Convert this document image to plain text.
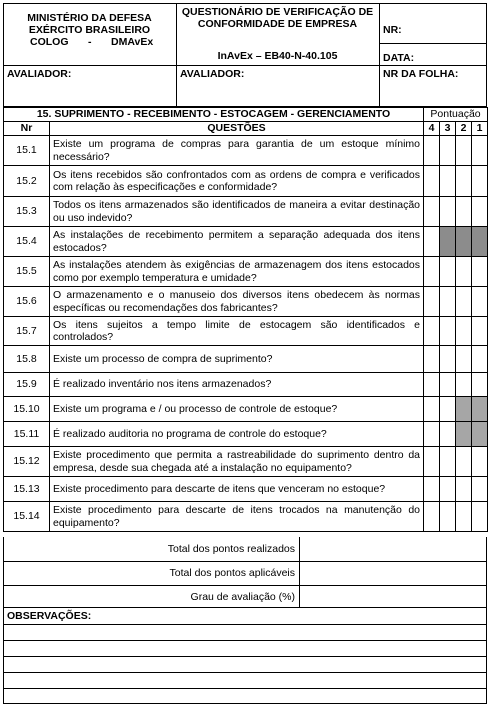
MINISTÉRIO DA DEFESA
EXÉRCITO BRASILEIRO
COLOG - DMAvEx
QUESTIONÁRIO DE VERIFICAÇÃO DE
CONFORMIDADE DE EMPRESA
InAvEx – EB40-N-40.105
NR:
DATA:
AVALIADOR:	AVALIADOR:	NR DA FOLHA:
15. SUPRIMENTO - RECEBIMENTO - ESTOCAGEM - GERENCIAMENTO		Pontuação			
Nr	QUESTÕES	4	3	2	1
15.1	Existe um programa de compras para garantia de um estoque mínimo necessário?				
15.2	Os itens recebidos são confrontados com as ordens de compra e verificados com relação às especificações e conformidade?				
15.3	Todos os itens armazenados são identificados de maneira a evitar destinação ou uso indevido?				
15.4	As instalações de recebimento permitem a separação adequada dos itens estocados?				
15.5	As instalações atendem às exigências de armazenagem dos itens estocados como por exemplo temperatura e umidade?				
15.6	O armazenamento e o manuseio dos diversos itens obedecem às normas específicas ou recomendações dos fabricantes?				
15.7	Os itens sujeitos a tempo limite de estocagem são identificados e controlados?				
15.8	Existe um processo de compra de suprimento?				
15.9	É realizado inventário nos itens armazenados?				
15.10	Existe um programa e / ou processo de controle de estoque?				
15.11	É realizado auditoria no programa de controle do estoque?				
15.12	Existe procedimento que permita a rastreabilidade do suprimento dentro da empresa, desde sua chegada até a instalação no equipamento?				
15.13	Existe procedimento para descarte de itens que venceram no estoque?				
15.14	Existe procedimento para descarte de itens trocados na manutenção do equipamento?				
Total dos pontos realizados
Total dos pontos aplicáveis
Grau de avaliação (%)
OBSERVAÇÕES:
